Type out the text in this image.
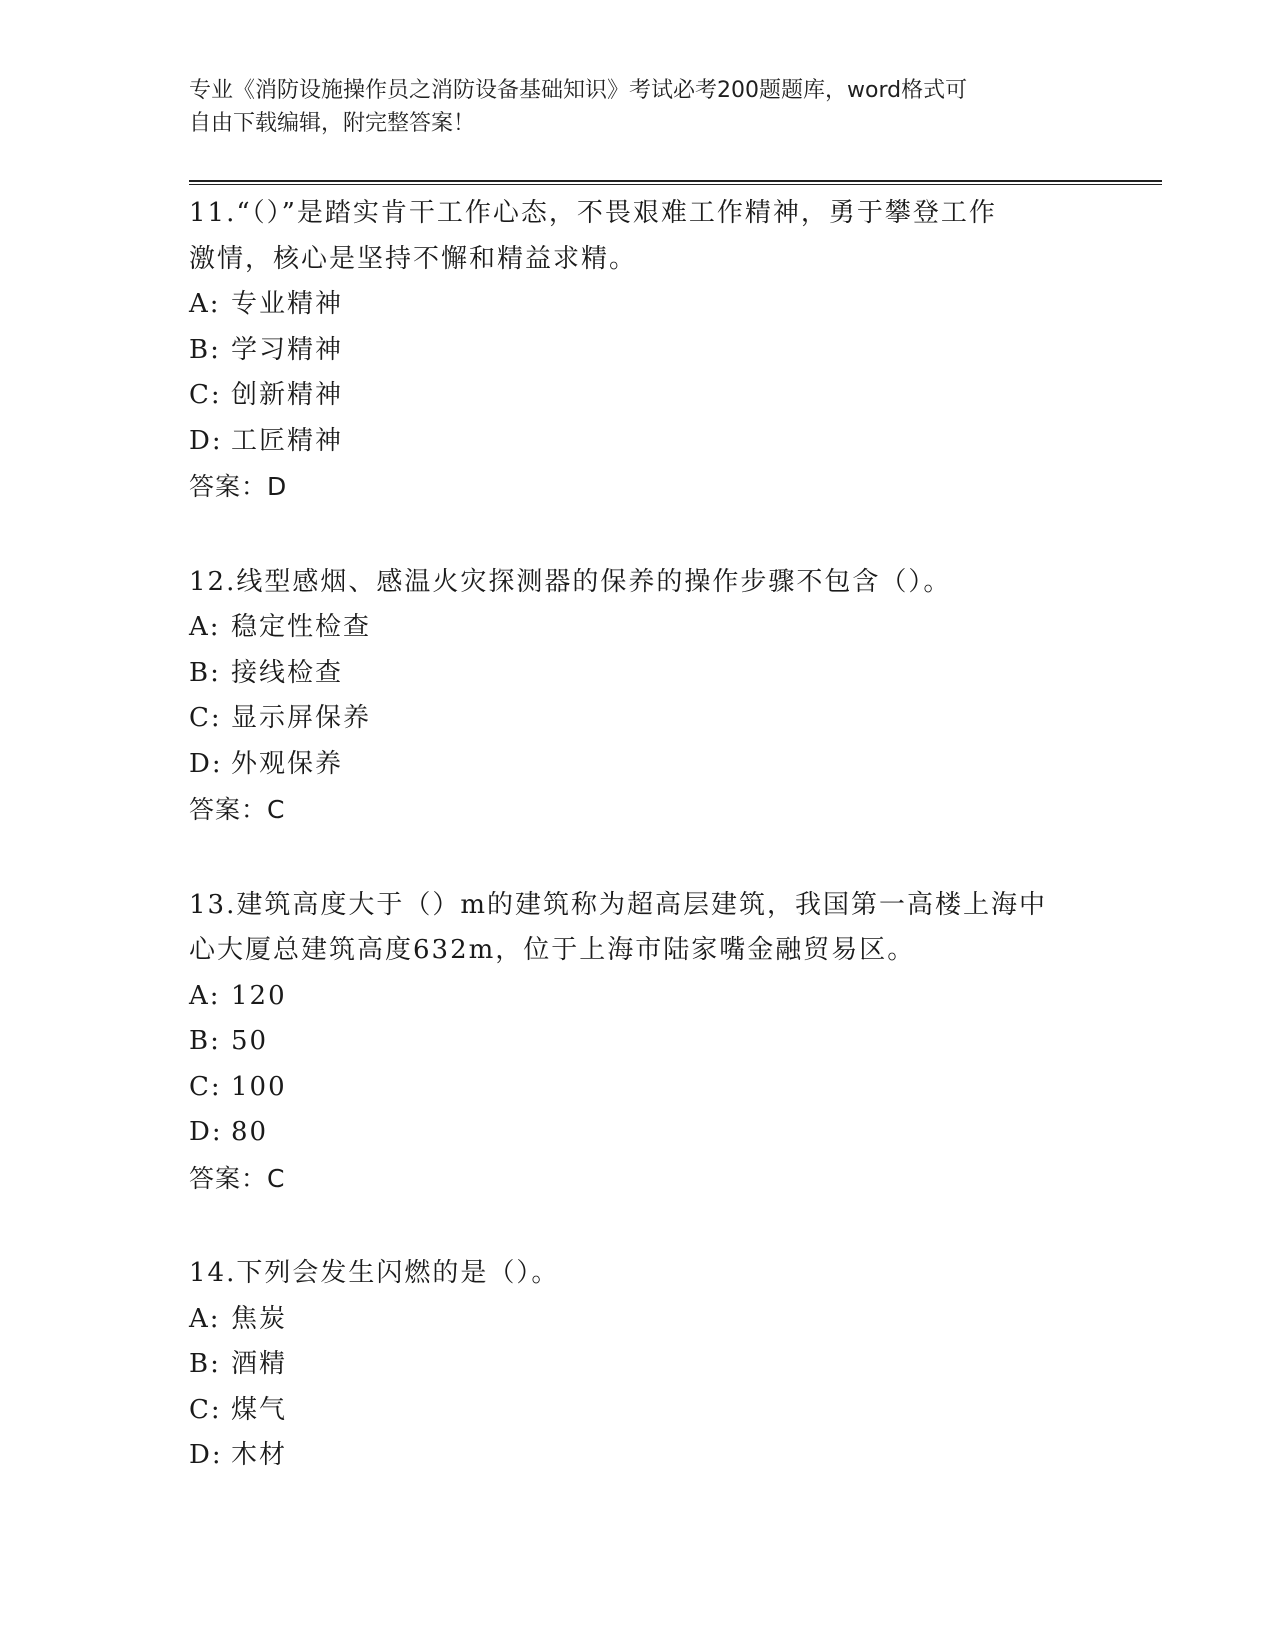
专业《消防设施操作员之消防设备基础知识》考试必考200题题库，word格式可
自由下载编辑，附完整答案！
11.“（）”是踏实肯干工作心态，不畏艰难工作精神，勇于攀登工作
激情，核心是坚持不懈和精益求精。
A: 专业精神
B: 学习精神
C: 创新精神
D: 工匠精神
答案：D
12.线型感烟、感温火灾探测器的保养的操作步骤不包含（）。
A: 稳定性检查
B: 接线检查
C: 显示屏保养
D: 外观保养
答案：C
13.建筑高度大于（）m的建筑称为超高层建筑，我国第一高楼上海中
心大厦总建筑高度632m，位于上海市陆家嘴金融贸易区。
A: 120
B: 50
C: 100
D: 80
答案：C
14.下列会发生闪燃的是（）。
A: 焦炭
B: 酒精
C: 煤气
D: 木材
